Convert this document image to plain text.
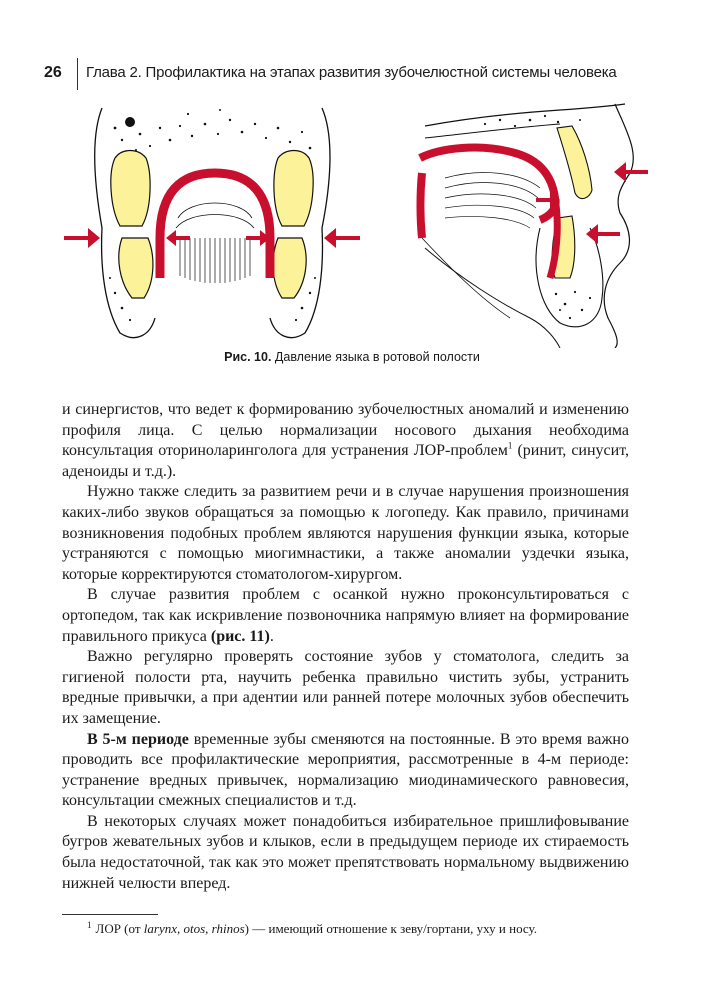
26 Глава 2. Профилактика на этапах развития зубочелюстной системы человека
Рис. 10. Давление языка в ротовой полости

и синергистов, что ведет к формированию зубочелюстных аномалий и изменению профиля лица. С целью нормализации носового дыхания необходима консультация оториноларинголога для устранения ЛОР-проблем$^1$ (ринит, синусит, аденоиды и т.д.).

Нужно также следить за развитием речи и в случае нарушения произношения каких-либо звуков обращаться за помощью к логопеду. Как правило, причинами возникновения подобных проблем являются нарушения функции языка, которые устраняются с помощью миогимнастики, а также аномалии уздечки языка, которые корректируются стоматологом-хирургом.

В случае развития проблем с осанкой нужно проконсультироваться с ортопедом, так как искривление позвоночника напрямую влияет на формирование правильного прикуса (рис. 11).

Важно регулярно проверять состояние зубов у стоматолога, следить за гигиеной полости рта, научить ребенка правильно чистить зубы, устранить вредные привычки, а при адентии или ранней потере молочных зубов обеспечить их замещение.

В 5-м периоде временные зубы сменяются на постоянные. В это время важно проводить все профилактические мероприятия, рассмотренные в 4-м периоде: устранение вредных привычек, нормализацию миодинамического равновесия, консультации смежных специалистов и т.д.

В некоторых случаях может понадобиться избирательное пришлифовывание бугров жевательных зубов и клыков, если в предыдущем периоде их стираемость была недостаточной, так как это может препятствовать нормальному выдвижению нижней челюсти вперед.

$^1$ ЛОР (от larynx, otos, rhinos) — имеющий отношение к зеву/гортани, уху и носу.
